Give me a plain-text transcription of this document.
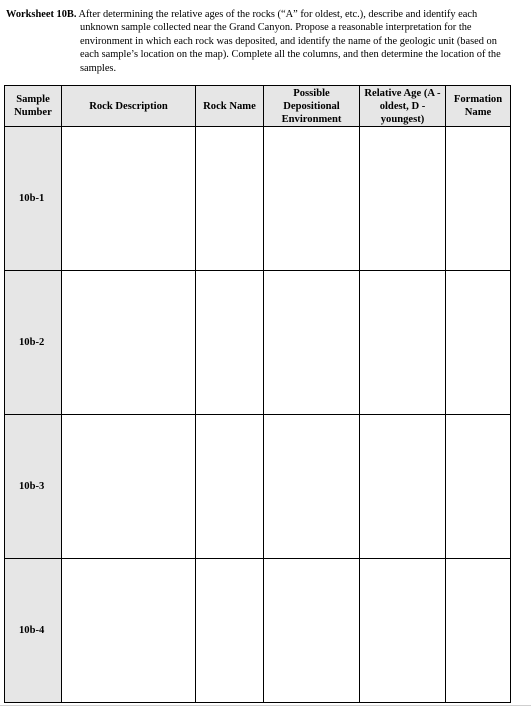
Worksheet 10B. After determining the relative ages of the rocks (“A” for oldest, etc.), describe and identify each unknown sample collected near the Grand Canyon. Propose a reasonable interpretation for the environment in which each rock was deposited, and identify the name of the geologic unit (based on each sample’s location on the map). Complete all the columns, and then determine the location of the samples.
Sample Number	Rock Description	Rock Name	Possible Depositional Environment	Relative Age (A - oldest, D - youngest)	Formation Name
10b-1					
10b-2					
10b-3					
10b-4					
